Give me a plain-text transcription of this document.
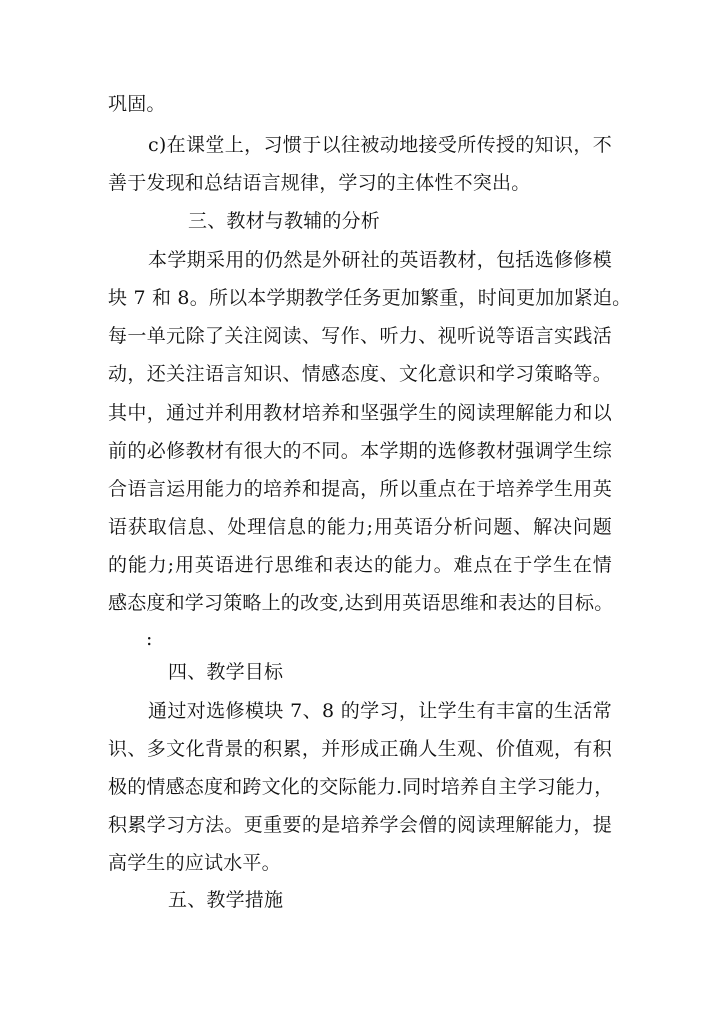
巩固。
c)在课堂上，习惯于以往被动地接受所传授的知识，不
善于发现和总结语言规律，学习的主体性不突出。
三、教材与教辅的分析
本学期采用的仍然是外研社的英语教材，包括选修修模
块 7 和 8。所以本学期教学任务更加繁重，时间更加加紧迫。
每一单元除了关注阅读、写作、听力、视听说等语言实践活
动，还关注语言知识、情感态度、文化意识和学习策略等。
其中，通过并利用教材培养和坚强学生的阅读理解能力和以
前的必修教材有很大的不同。本学期的选修教材强调学生综
合语言运用能力的培养和提高，所以重点在于培养学生用英
语获取信息、处理信息的能力;用英语分析问题、解决问题
的能力;用英语进行思维和表达的能力。难点在于学生在情
感态度和学习策略上的改变,达到用英语思维和表达的目标。
:
四、教学目标
通过对选修模块 7、8 的学习，让学生有丰富的生活常
识、多文化背景的积累，并形成正确人生观、价值观，有积
极的情感态度和跨文化的交际能力.同时培养自主学习能力，
积累学习方法。更重要的是培养学会僧的阅读理解能力，提
高学生的应试水平。
五、教学措施
